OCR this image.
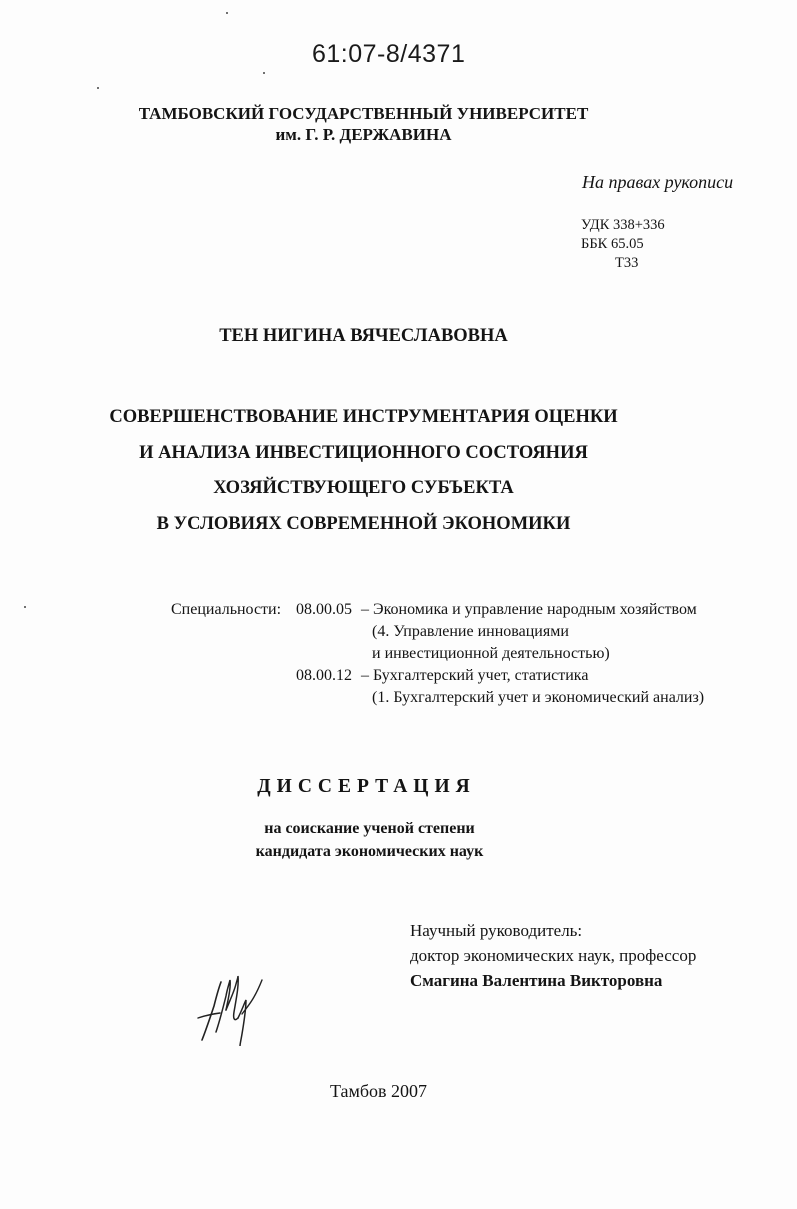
61:07-8/4371
ТАМБОВСКИЙ ГОСУДАРСТВЕННЫЙ УНИВЕРСИТЕТ
им. Г. Р. ДЕРЖАВИНА
На правах рукописи
УДК 338+336
ББК 65.05
Т33
ТЕН НИГИНА ВЯЧЕСЛАВОВНА
СОВЕРШЕНСТВОВАНИЕ ИНСТРУМЕНТАРИЯ ОЦЕНКИ
И АНАЛИЗА ИНВЕСТИЦИОННОГО СОСТОЯНИЯ
ХОЗЯЙСТВУЮЩЕГО СУБЪЕКТА
В УСЛОВИЯХ СОВРЕМЕННОЙ ЭКОНОМИКИ
Специальности: 08.00.05 – Экономика и управление народным хозяйством
(4. Управление инновациями
и инвестиционной деятельностью)
08.00.12 – Бухгалтерский учет, статистика
(1. Бухгалтерский учет и экономический анализ)
ДИССЕРТАЦИЯ
на соискание ученой степени
кандидата экономических наук
Научный руководитель:
доктор экономических наук, профессор
Смагина Валентина Викторовна
Тамбов 2007
